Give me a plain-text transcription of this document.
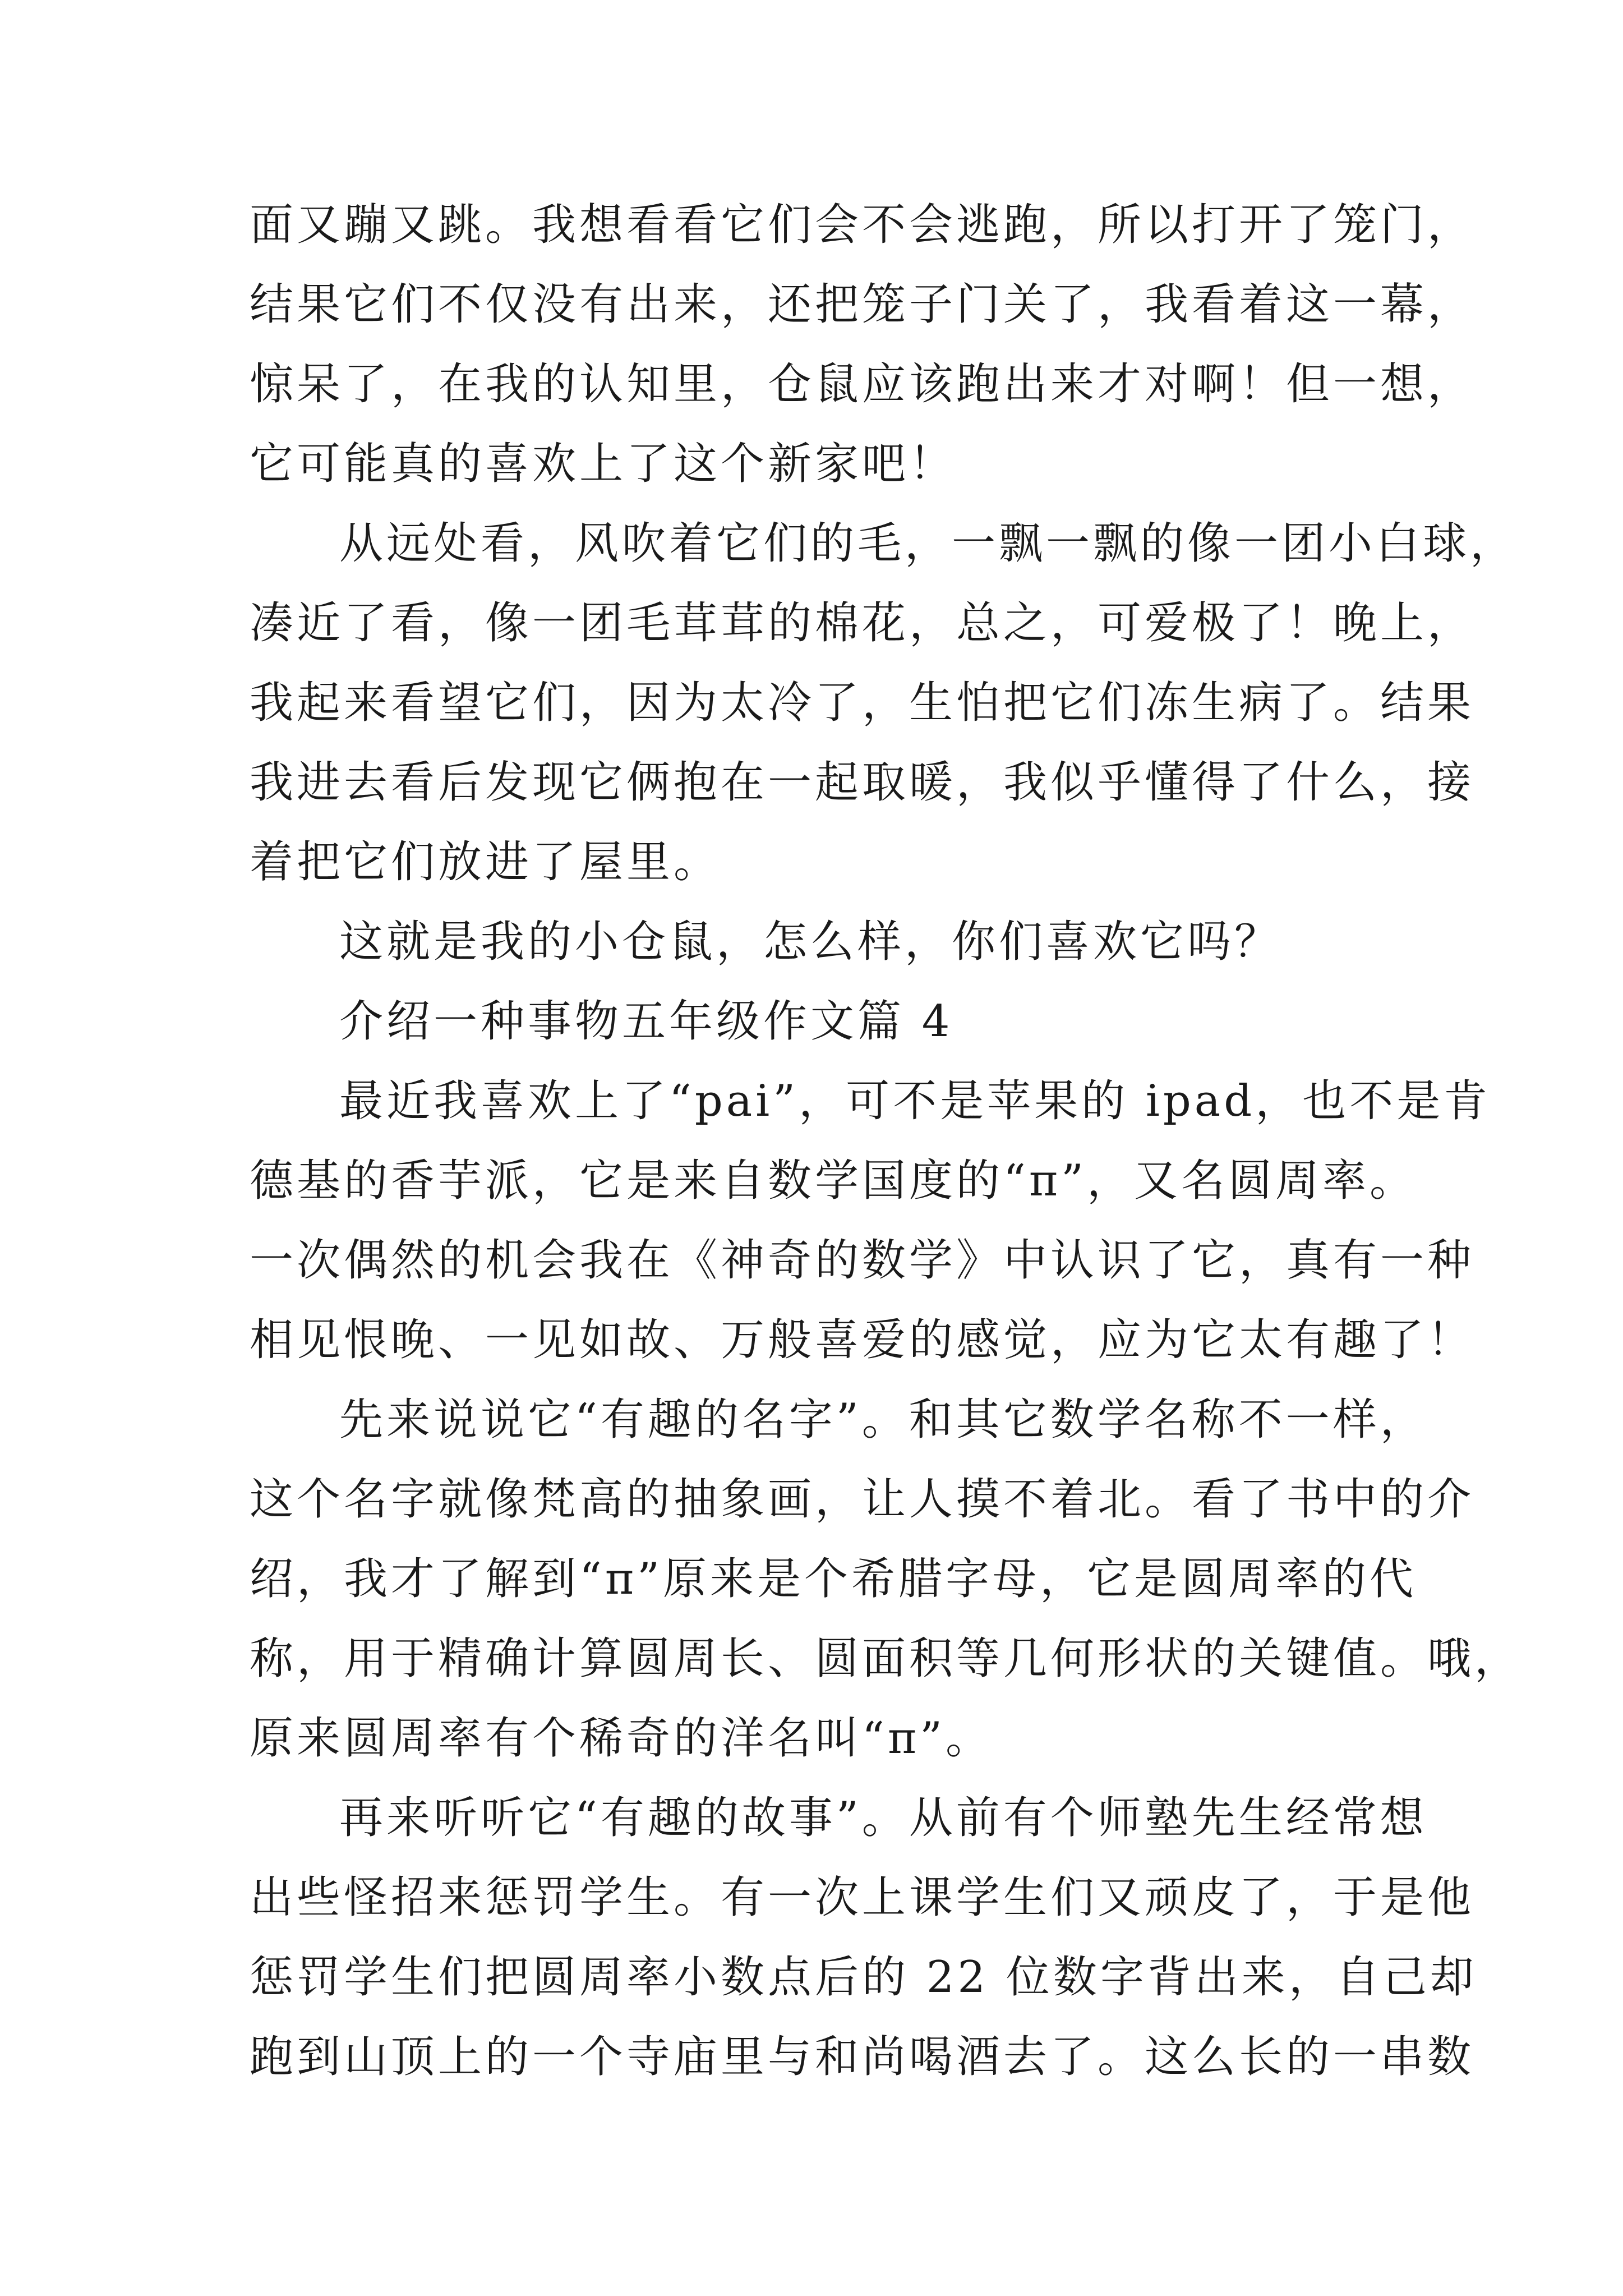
面又蹦又跳。我想看看它们会不会逃跑，所以打开了笼门，
结果它们不仅没有出来，还把笼子门关了，我看着这一幕，
惊呆了，在我的认知里，仓鼠应该跑出来才对啊！但一想，
它可能真的喜欢上了这个新家吧！
从远处看，风吹着它们的毛，一飘一飘的像一团小白球，
凑近了看，像一团毛茸茸的棉花，总之，可爱极了！晚上，
我起来看望它们，因为太冷了，生怕把它们冻生病了。结果
我进去看后发现它俩抱在一起取暖，我似乎懂得了什么，接
着把它们放进了屋里。
这就是我的小仓鼠，怎么样，你们喜欢它吗？
介绍一种事物五年级作文篇 4
最近我喜欢上了“pai”，可不是苹果的 ipad，也不是肯
德基的香芋派，它是来自数学国度的“π”，又名圆周率。
一次偶然的机会我在《神奇的数学》中认识了它，真有一种
相见恨晚、一见如故、万般喜爱的感觉，应为它太有趣了！
先来说说它“有趣的名字”。和其它数学名称不一样，
这个名字就像梵高的抽象画，让人摸不着北。看了书中的介
绍，我才了解到“π”原来是个希腊字母，它是圆周率的代
称，用于精确计算圆周长、圆面积等几何形状的关键值。哦，
原来圆周率有个稀奇的洋名叫“π”。
再来听听它“有趣的故事”。从前有个师塾先生经常想
出些怪招来惩罚学生。有一次上课学生们又顽皮了，于是他
惩罚学生们把圆周率小数点后的 22 位数字背出来，自己却
跑到山顶上的一个寺庙里与和尚喝酒去了。这么长的一串数
